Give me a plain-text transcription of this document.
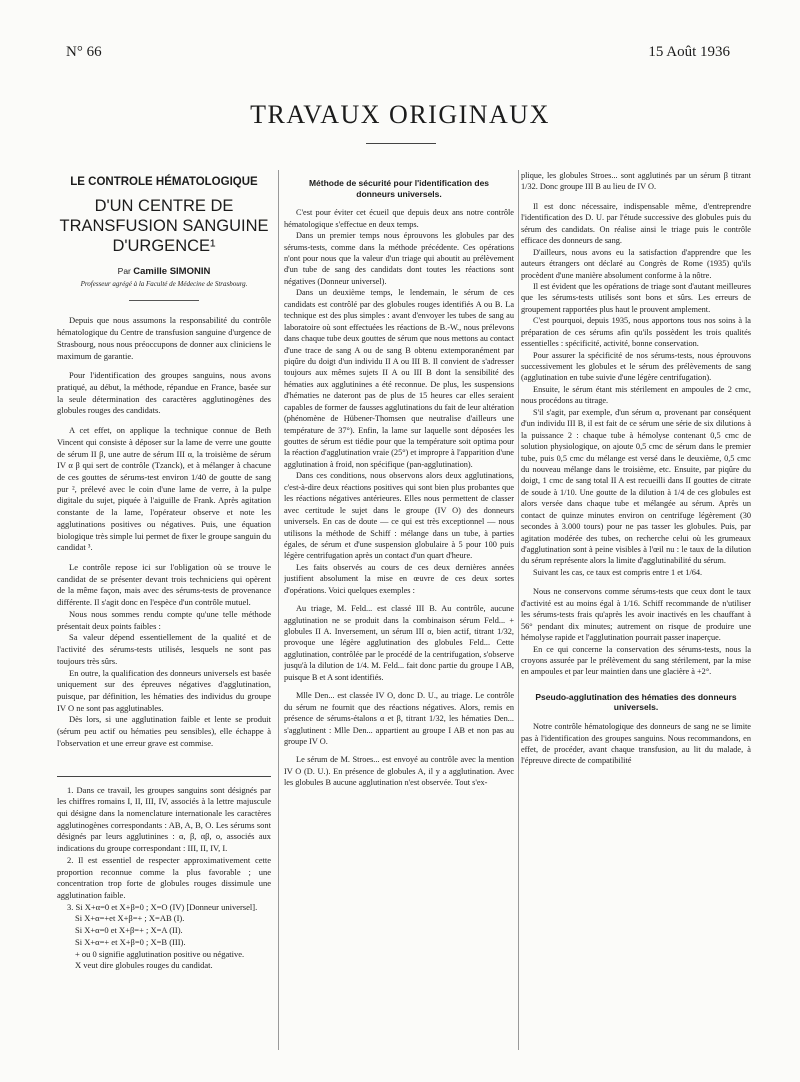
N° 66	15 Août 1936
TRAVAUX ORIGINAUX
LE CONTROLE HÉMATOLOGIQUE
D'UN CENTRE DE TRANSFUSION SANGUINE D'URGENCE¹
Par Camille SIMONIN
Professeur agrégé à la Faculté de Médecine de Strasbourg.

Depuis que nous assumons la responsabilité du contrôle hématologique du Centre de transfusion sanguine d'urgence de Strasbourg, nous nous préoccupons de donner aux cliniciens le maximum de garantie.

Pour l'identification des groupes sanguins, nous avons pratiqué, au début, la méthode, répandue en France, basée sur la seule détermination des caractères agglutinogènes des globules rouges des candidats.

A cet effet, on applique la technique connue de Beth Vincent qui consiste à déposer sur la lame de verre une goutte de sérum II β, une autre de sérum III α, la troisième de sérum IV α β qui sert de contrôle (Tzanck), et à mélanger à chacune de ces gouttes de sérums-test environ 1/40 de goutte de sang pur ², prélevé avec le coin d'une lame de verre, à la pulpe digitale du sujet, piquée à l'aiguille de Frank. Après agitation constante de la lame, l'opérateur observe et note les agglutinations positives ou négatives. Puis, une équation biologique très simple lui permet de fixer le groupe sanguin du candidat ³.

Le contrôle repose ici sur l'obligation où se trouve le candidat de se présenter devant trois techniciens qui opèrent de la même façon, mais avec des sérums-tests de provenance différente. Il s'agit donc en l'espèce d'un contrôle mutuel.

Nous nous sommes rendu compte qu'une telle méthode présentait deux points faibles :

Sa valeur dépend essentiellement de la qualité et de l'activité des sérums-tests utilisés, lesquels ne sont pas toujours très sûrs.

En outre, la qualification des donneurs universels est basée uniquement sur des épreuves négatives d'agglutination, puisque, par définition, les hématies des individus du groupe IV O ne sont pas agglutinables.

Dès lors, si une agglutination faible et lente se produit (sérum peu actif ou hématies peu sensibles), elle échappe à l'observation et une erreur grave est commise.

1. Dans ce travail, les groupes sanguins sont désignés par les chiffres romains I, II, III, IV, associés à la lettre majuscule qui désigne dans la nomenclature internationale les caractères agglutinogènes correspondants : AB, A, B, O. Les sérums sont désignés par leurs agglutinines : α, β, αβ, o, associés aux indications du groupe correspondant : III, II, IV, I.

2. Il est essentiel de respecter approximativement cette proportion reconnue comme la plus favorable ; une concentration trop forte de globules rouges dissimule une agglutination faible.

3. Si X+α=0 et X+β=0 ; X=O (IV) [Donneur universel].

Si X+α=+et X+β=+ ; X=AB (I).

Si X+α=0 et X+β=+ ; X=A (II).

Si X+α=+ et X+β=0 ; X=B (III).

+ ou 0 signifie agglutination positive ou négative.

X veut dire globules rouges du candidat.

Méthode de sécurité pour l'identification des donneurs universels.

C'est pour éviter cet écueil que depuis deux ans notre contrôle hématologique s'effectue en deux temps.

Dans un premier temps nous éprouvons les globules par des sérums-tests, comme dans la méthode précédente. Ces opérations n'ont pour nous que la valeur d'un triage qui aboutit au prélèvement d'un tube de sang des candidats dont toutes les réactions sont négatives (Donneur universel).

Dans un deuxième temps, le lendemain, le sérum de ces candidats est contrôlé par des globules rouges identifiés A ou B. La technique est des plus simples : avant d'envoyer les tubes de sang au laboratoire où sont effectuées les réactions de B.-W., nous prélevons dans chaque tube deux gouttes de sérum que nous mettons au contact d'une trace de sang A ou de sang B obtenu extemporanément par piqûre du doigt d'un individu II A ou III B. Il convient de s'adresser toujours aux mêmes sujets II A ou III B dont la sensibilité des hématies aux agglutinines a été reconnue. De plus, les suspensions d'hématies ne dateront pas de plus de 15 heures car elles seraient capables de former de fausses agglutinations du fait de leur altération (phénomène de Hübener-Thomsen que neutralise d'ailleurs une température de 37°). Enfin, la lame sur laquelle sont déposées les gouttes de sérum est tiédie pour que la température soit optima pour la réaction d'agglutination vraie (25°) et impropre à l'apparition d'une agglutination à froid, non spécifique (pan-agglutination).

Dans ces conditions, nous observons alors deux agglutinations, c'est-à-dire deux réactions positives qui sont bien plus probantes que les réactions négatives antérieures. Elles nous permettent de classer avec certitude le sujet dans le groupe (IV O) des donneurs universels. En cas de doute — ce qui est très exceptionnel — nous utilisons la méthode de Schiff : mélange dans un tube, à parties égales, de sérum et d'une suspension globulaire à 5 pour 100 puis légère centrifugation après un contact d'un quart d'heure.

Les faits observés au cours de ces deux dernières années justifient absolument la mise en œuvre de ces deux sortes d'opérations. Voici quelques exemples :

Au triage, M. Feld... est classé III B. Au contrôle, aucune agglutination ne se produit dans la combinaison sérum Feld... + globules II A. Inversement, un sérum III α, bien actif, titrant 1/32, provoque une légère agglutination des globules Feld... Cette agglutination, contrôlée par le procédé de la centrifugation, s'observe jusqu'à la dilution de 1/4. M. Feld... fait donc partie du groupe I AB, puisque B et A sont identifiés.

Mlle Den... est classée IV O, donc D. U., au triage. Le contrôle du sérum ne fournit que des réactions négatives. Alors, remis en présence de sérums-étalons α et β, titrant 1/32, les hématies Den... s'agglutinent : Mlle Den... appartient au groupe I AB et non pas au groupe IV O.

Le sérum de M. Stroes... est envoyé au contrôle avec la mention IV O (D. U.). En présence de globules A, il y a agglutination. Avec les globules B aucune agglutination n'est observée. Tout s'ex-

plique, les globules Stroes... sont agglutinés par un sérum β titrant 1/32. Donc groupe III B au lieu de IV O.

Il est donc nécessaire, indispensable même, d'entreprendre l'identification des D. U. par l'étude successive des globules puis du sérum des candidats. On réalise ainsi le triage puis le contrôle efficace des donneurs de sang.

D'ailleurs, nous avons eu la satisfaction d'apprendre que les auteurs étrangers ont déclaré au Congrès de Rome (1935) qu'ils procèdent d'une manière absolument conforme à la nôtre.

Il est évident que les opérations de triage sont d'autant meilleures que les sérums-tests utilisés sont bons et sûrs. Les erreurs de groupement rapportées plus haut le prouvent amplement.

C'est pourquoi, depuis 1935, nous apportons tous nos soins à la préparation de ces sérums afin qu'ils possèdent les trois qualités essentielles : spécificité, activité, bonne conservation.

Pour assurer la spécificité de nos sérums-tests, nous éprouvons successivement les globules et le sérum des prélèvements de sang (agglutination en tube suivie d'une légère centrifugation).

Ensuite, le sérum étant mis stérilement en ampoules de 2 cmc, nous procédons au titrage.

S'il s'agit, par exemple, d'un sérum α, provenant par conséquent d'un individu III B, il est fait de ce sérum une série de six dilutions à la puissance 2 : chaque tube à hémolyse contenant 0,5 cmc de solution physiologique, on ajoute 0,5 cmc de sérum dans le premier tube, puis 0,5 cmc du mélange est versé dans le deuxième, 0,5 cmc du nouveau mélange dans le troisième, etc. Ensuite, par piqûre du doigt, 1 cmc de sang total II A est recueilli dans II gouttes de citrate de soude à 1/10. Une goutte de la dilution à 1/4 de ces globules est alors versée dans chaque tube et mélangée au sérum. Après un contact de quinze minutes environ on centrifuge légèrement (30 secondes à 3.000 tours) pour ne pas tasser les globules. Puis, par agitation modérée des tubes, on recherche celui où les grumeaux d'agglutination sont à peine visibles à l'œil nu : le taux de la dilution du sérum représente alors la limite d'agglutinabilité du sérum.

Suivant les cas, ce taux est compris entre 1 et 1/64.

Nous ne conservons comme sérums-tests que ceux dont le taux d'activité est au moins égal à 1/16. Schiff recommande de n'utiliser les sérums-tests frais qu'après les avoir inactivés en les chauffant à 56° pendant dix minutes; autrement on risque de produire une hémolyse rapide et l'agglutination pourrait passer inaperçue.

En ce qui concerne la conservation des sérums-tests, nous la croyons assurée par le prélèvement du sang stérilement, par la mise en ampoules et par leur maintien dans une glacière à +2°.

Pseudo-agglutination des hématies des donneurs universels.

Notre contrôle hématologique des donneurs de sang ne se limite pas à l'identification des groupes sanguins. Nous recommandons, en effet, de procéder, avant chaque transfusion, au lit du malade, à l'épreuve directe de compatibilité
